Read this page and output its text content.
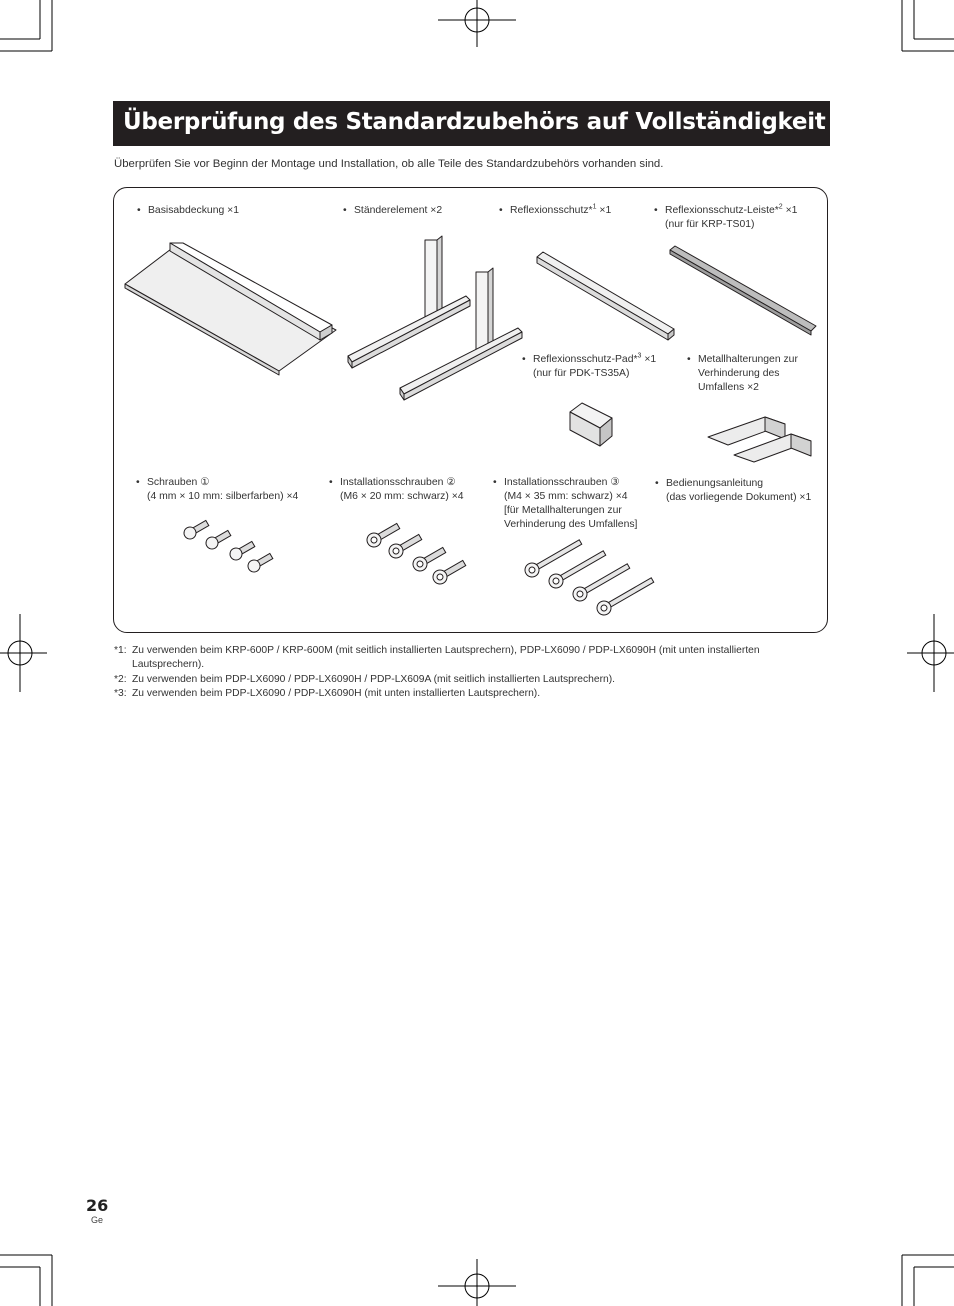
Überprüfung des Standardzubehörs auf Vollständigkeit
Überprüfen Sie vor Beginn der Montage und Installation, ob alle Teile des Standardzubehörs vorhanden sind.
• Basisabdeckung ×1	• Ständerelement ×2	• Reflexionsschutz*$^1$ ×1	• Reflexionsschutz-Leiste*$^2$ ×1
(nur für KRP-TS01)
• Reflexionsschutz-Pad*$^3$ ×1
(nur für PDK-TS35A)
• Metallhalterungen zur
Verhinderung des
Umfallens ×2
• Schrauben ①
(4 mm × 10 mm: silberfarben) ×4
• Installationsschrauben ②
(M6 × 20 mm: schwarz) ×4
• Installationsschrauben ③
(M4 × 35 mm: schwarz) ×4
[für Metallhalterungen zur
Verhinderung des Umfallens]
• Bedienungsanleitung
(das vorliegende Dokument) ×1
*1: Zu verwenden beim KRP-600P / KRP-600M (mit seitlich installierten Lautsprechern), PDP-LX6090 / PDP-LX6090H (mit unten installierten Lautsprechern).
*2: Zu verwenden beim PDP-LX6090 / PDP-LX6090H / PDP-LX609A (mit seitlich installierten Lautsprechern).
*3: Zu verwenden beim PDP-LX6090 / PDP-LX6090H (mit unten installierten Lautsprechern).
26
Ge
